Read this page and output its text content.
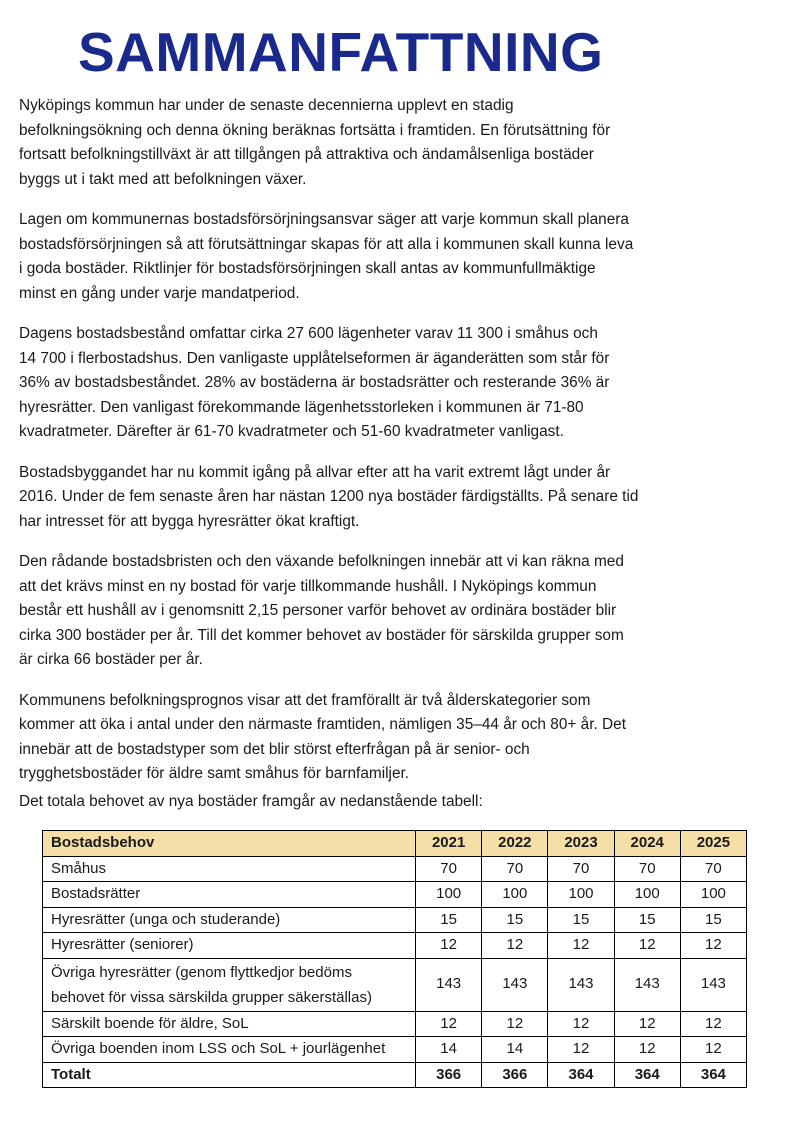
SAMMANFATTNING

Nyköpings kommun har under de senaste decennierna upplevt en stadig
befolkningsökning och denna ökning beräknas fortsätta i framtiden. En förutsättning för
fortsatt befolkningstillväxt är att tillgången på attraktiva och ändamålsenliga bostäder
byggs ut i takt med att befolkningen växer.

Lagen om kommunernas bostadsförsörjningsansvar säger att varje kommun skall planera
bostadsförsörjningen så att förutsättningar skapas för att alla i kommunen skall kunna leva
i goda bostäder. Riktlinjer för bostadsförsörjningen skall antas av kommunfullmäktige
minst en gång under varje mandatperiod.

Dagens bostadsbestånd omfattar cirka 27 600 lägenheter varav 11 300 i småhus och
14 700 i flerbostadshus. Den vanligaste upplåtelseformen är äganderätten som står för
36% av bostadsbeståndet. 28% av bostäderna är bostadsrätter och resterande 36% är
hyresrätter. Den vanligast förekommande lägenhetsstorleken i kommunen är 71-80
kvadratmeter. Därefter är 61-70 kvadratmeter och 51-60 kvadratmeter vanligast.

Bostadsbyggandet har nu kommit igång på allvar efter att ha varit extremt lågt under år
2016. Under de fem senaste åren har nästan 1200 nya bostäder färdigställts. På senare tid
har intresset för att bygga hyresrätter ökat kraftigt.

Den rådande bostadsbristen och den växande befolkningen innebär att vi kan räkna med
att det krävs minst en ny bostad för varje tillkommande hushåll. I Nyköpings kommun
består ett hushåll av i genomsnitt 2,15 personer varför behovet av ordinära bostäder blir
cirka 300 bostäder per år. Till det kommer behovet av bostäder för särskilda grupper som
är cirka 66 bostäder per år.

Kommunens befolkningsprognos visar att det framförallt är två ålderskategorier som
kommer att öka i antal under den närmaste framtiden, nämligen 35–44 år och 80+ år. Det
innebär att de bostadstyper som det blir störst efterfrågan på är senior- och
trygghetsbostäder för äldre samt småhus för barnfamiljer.

Det totala behovet av nya bostäder framgår av nedanstående tabell:

Bostadsbehov	2021	2022	2023	2024	2025
Småhus	70	70	70	70	70
Bostadsrätter	100	100	100	100	100
Hyresrätter (unga och studerande)	15	15	15	15	15
Hyresrätter (seniorer)	12	12	12	12	12
Övriga hyresrätter (genom flyttkedjor bedöms
behovet för vissa särskilda grupper säkerställas)	143	143	143	143	143
Särskilt boende för äldre, SoL	12	12	12	12	12
Övriga boenden inom LSS och SoL + jourlägenhet	14	14	12	12	12
Totalt	366	366	364	364	364
